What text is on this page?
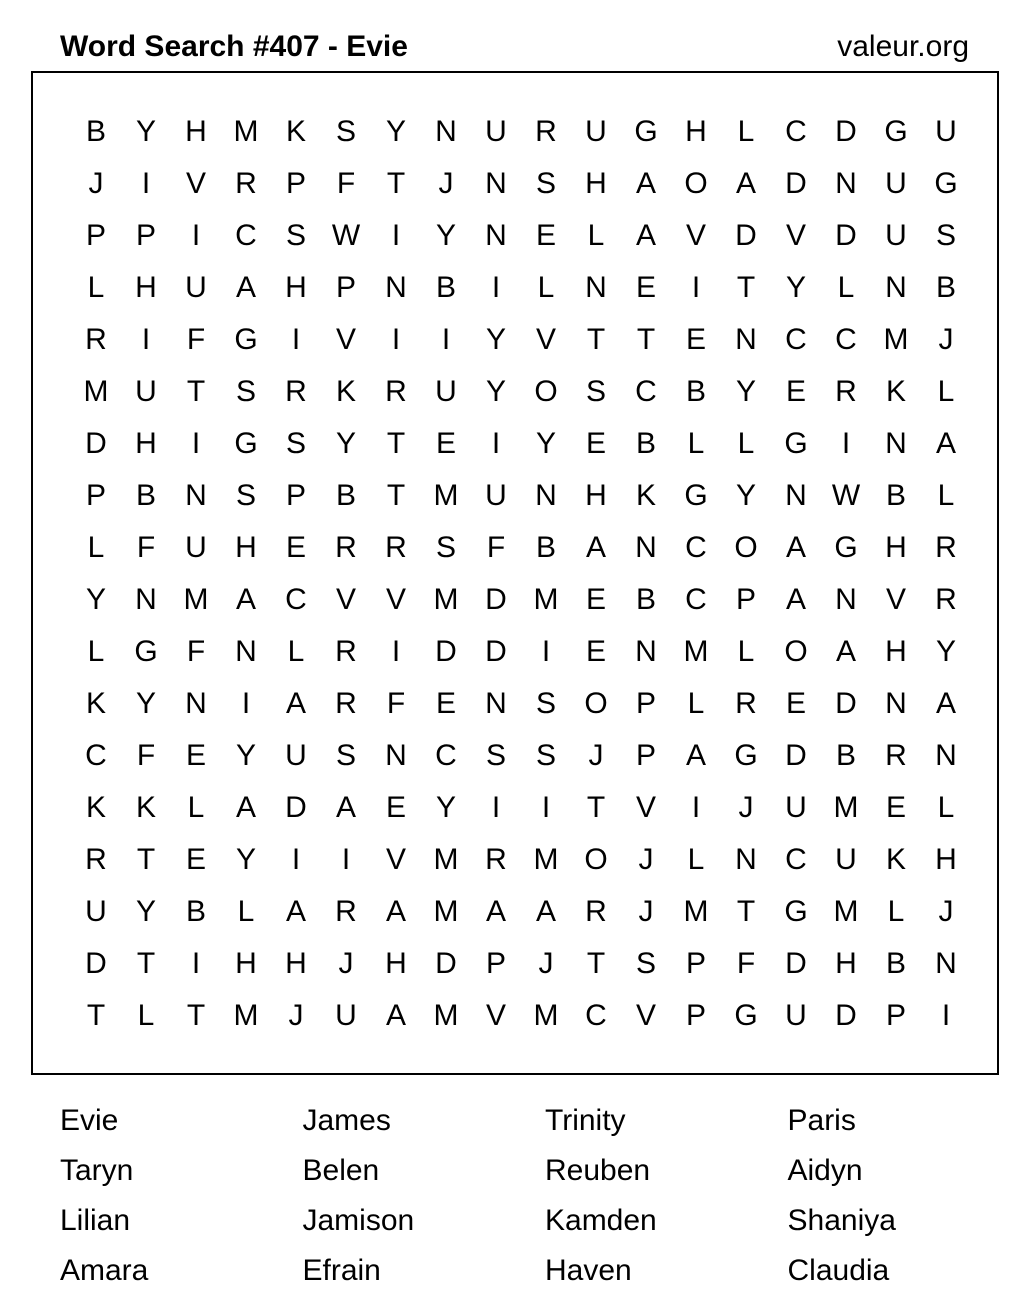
Word Search #407 - Evie	valeur.org
B Y H M K S Y N U R U G H	L	C D G U
J	I	V R P	F	T	J	N S H A O A D N U G
P P	I	C S W	I	Y N E	L	A V D V D U S
L	H U A H P N B	I	L	N E	I	T	Y	L	N B
R	I	F G	I	V	I	I	Y V	T	T	E N C C M	J
M U	T	S R K R U Y O S C B Y E R K	L
D H	I	G S Y	T	E	I	Y E B	L	L G	I	N A
P B N S P B	T M U N H K G Y N W B	L
L	F	U H E R R S	F	B A N C O A G H R
Y N M A C V V M D M E B C P A N V R
L G F	N	L	R	I	D D	I	E N M L O A H Y
K Y N	I	A R	F	E N S O P	L	R E D N A
C	F	E Y U S N C S S	J	P A G D B R N
K K	L	A D A E Y	I	I	T	V	I	J	U M E	L
R	T	E Y	I	I	V M R M O	J	L	N C U K H
U Y B	L	A R A M A A R	J	M T G M L	J
D	T	I	H H	J	H D P	J	T	S P	F	D H B N
T	L	T M	J	U A M V M C V P G U D P	I
Evie	James	Trinity	Paris
Taryn	Belen	Reuben	Aidyn
Lilian	Jamison	Kamden	Shaniya
Amara	Efrain	Haven	Claudia
